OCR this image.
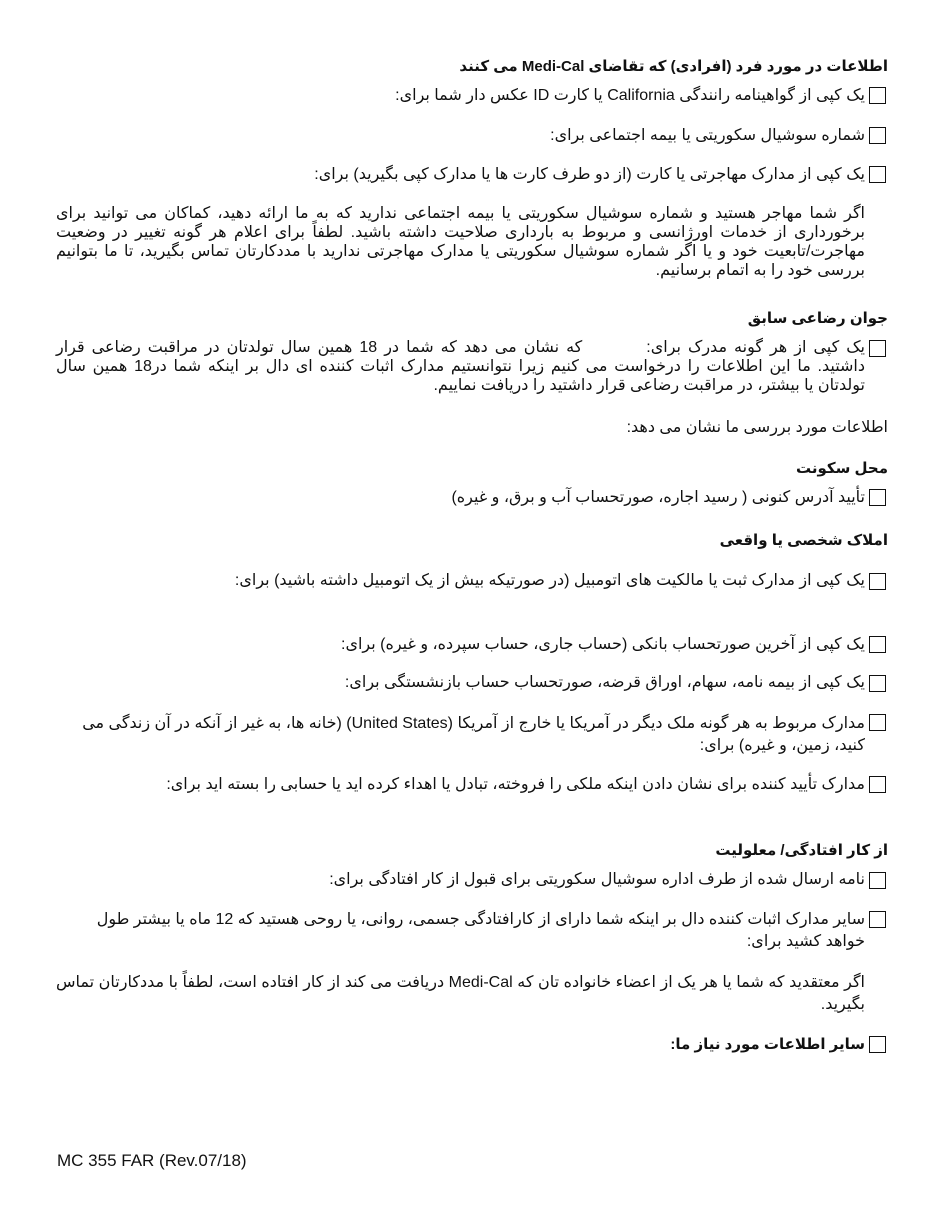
اطلاعات در مورد فرد (افرادی) که تقاضای Medi-Cal می کنند
یک کپی از گواهینامه رانندگی California یا کارت ID عکس دار شما برای:
شماره سوشیال سکوریتی یا بیمه اجتماعی برای:
یک کپی از مدارک مهاجرتی یا کارت (از دو طرف کارت ها یا مدارک کپی بگیرید) برای:
اگر شما مهاجر هستید و شماره سوشیال سکوریتی یا بیمه اجتماعی ندارید که به ما ارائه دهید، کماکان می توانید برای برخورداری از خدمات اورژانسی و مربوط به بارداری صلاحیت داشته باشید. لطفاً برای اعلام هر گونه تغییر در وضعیت مهاجرت/تابعیت خود و یا اگر شماره سوشیال سکوریتی یا مدارک مهاجرتی ندارید با مددکارتان تماس بگیرید، تا ما بتوانیم بررسی خود را به اتمام برسانیم.
جوان رضاعی سابق
یک کپی از هر گونه مدرک برای:که نشان می دهد که شما در 18 همین سال تولدتان در مراقبت رضاعی قرار داشتید. ما این اطلاعات را درخواست می کنیم زیرا نتوانستیم مدارک اثبات کننده ای دال بر اینکه شما در18 همین سال تولدتان یا بیشتر، در مراقبت رضاعی قرار داشتید را دریافت نماییم.
اطلاعات مورد بررسی ما نشان می دهد:
محل سکونت
تأیید آدرس کنونی ( رسید اجاره، صورتحساب آب و برق، و غیره)
املاک شخصی یا واقعی
یک کپی از مدارک ثبت یا مالکیت های اتومبیل (در صورتیکه بیش از یک اتومبیل داشته باشید) برای:
یک کپی از آخرین صورتحساب بانکی (حساب جاری، حساب سپرده، و غیره) برای:
یک کپی از بیمه نامه، سهام، اوراق قرضه، صورتحساب حساب بازنشستگی برای:
مدارک مربوط به هر گونه ملک دیگر در آمریکا یا خارج از آمریکا (United States) (خانه ها، به غیر از آنکه در آن زندگی می کنید، زمین، و غیره) برای:
مدارک تأیید کننده برای نشان دادن اینکه ملکی را فروخته، تبادل یا اهداء کرده اید یا حسابی را بسته اید برای:
از کار افتادگی/ معلولیت
نامه ارسال شده از طرف اداره سوشیال سکوریتی برای قبول از کار افتادگی برای:
سایر مدارک اثبات کننده دال بر اینکه شما دارای از کارافتادگی جسمی، روانی، یا روحی هستید که 12 ماه یا بیشتر طول خواهد کشید برای:
اگر معتقدید که شما یا هر یک از اعضاء خانواده تان که Medi-Cal دریافت می کند از کار افتاده است، لطفاً با مددکارتان تماس بگیرید.
سایر اطلاعات مورد نیاز ما:
MC 355 FAR (Rev.07/18)
